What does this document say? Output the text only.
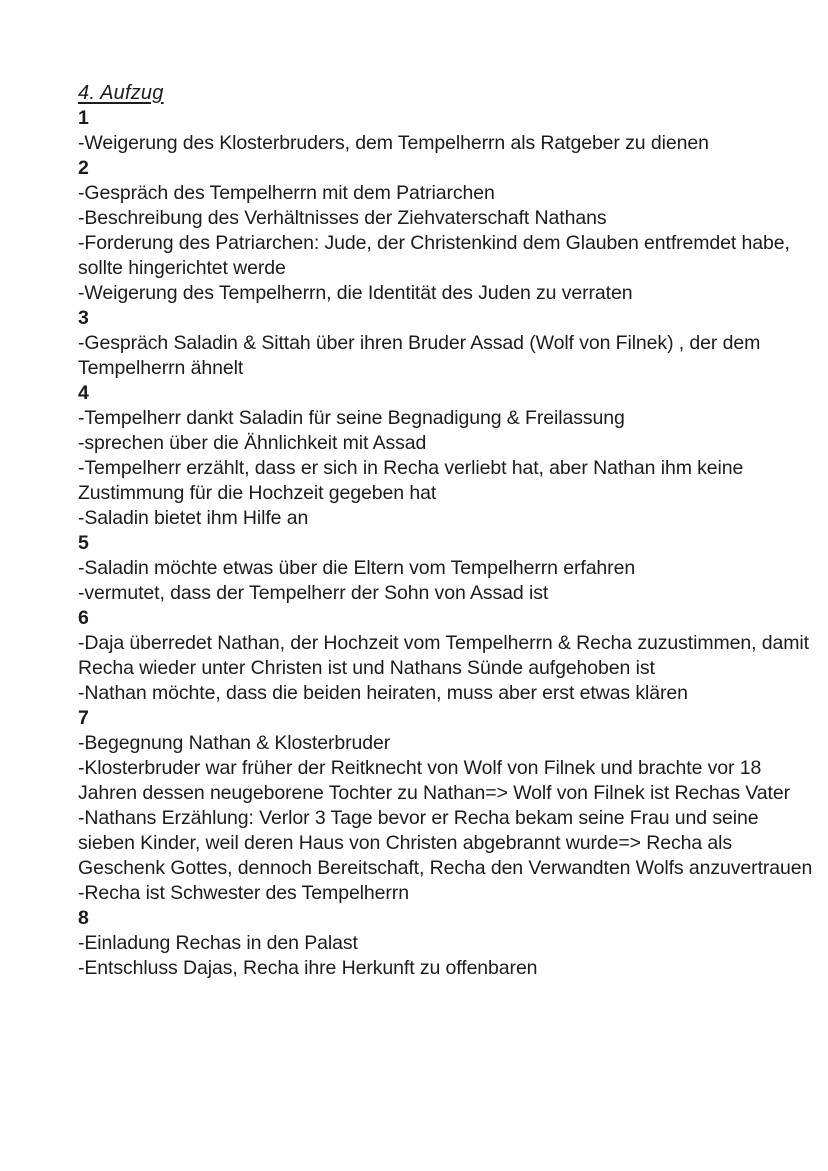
4. Aufzug
1

-Weigerung des Klosterbruders, dem Tempelherrn als Ratgeber zu dienen

2

-Gespräch des Tempelherrn mit dem Patriarchen

-Beschreibung des Verhältnisses der Ziehvaterschaft Nathans

-Forderung des Patriarchen: Jude, der Christenkind dem Glauben entfremdet habe, sollte hingerichtet werde

-Weigerung des Tempelherrn, die Identität des Juden zu verraten

3

-Gespräch Saladin & Sittah über ihren Bruder Assad (Wolf von Filnek) , der dem Tempelherrn ähnelt

4

-Tempelherr dankt Saladin für seine Begnadigung & Freilassung

-sprechen über die Ähnlichkeit mit Assad

-Tempelherr erzählt, dass er sich in Recha verliebt hat, aber Nathan ihm keine Zustimmung für die Hochzeit gegeben hat

-Saladin bietet ihm Hilfe an

5

-Saladin möchte etwas über die Eltern vom Tempelherrn erfahren

-vermutet, dass der Tempelherr der Sohn von Assad ist

6

-Daja überredet Nathan, der Hochzeit vom Tempelherrn & Recha zuzustimmen, damit Recha wieder unter Christen ist und Nathans Sünde aufgehoben ist

-Nathan möchte, dass die beiden heiraten, muss aber erst etwas klären

7

-Begegnung Nathan & Klosterbruder

-Klosterbruder war früher der Reitknecht von Wolf von Filnek und brachte vor 18 Jahren dessen neugeborene Tochter zu Nathan=> Wolf von Filnek ist Rechas Vater

-Nathans Erzählung: Verlor 3 Tage bevor er Recha bekam seine Frau und seine sieben Kinder, weil deren Haus von Christen abgebrannt wurde=> Recha als Geschenk Gottes, dennoch Bereitschaft, Recha den Verwandten Wolfs anzuvertrauen

-Recha ist Schwester des Tempelherrn

8

-Einladung Rechas in den Palast

-Entschluss Dajas, Recha ihre Herkunft zu offenbaren
